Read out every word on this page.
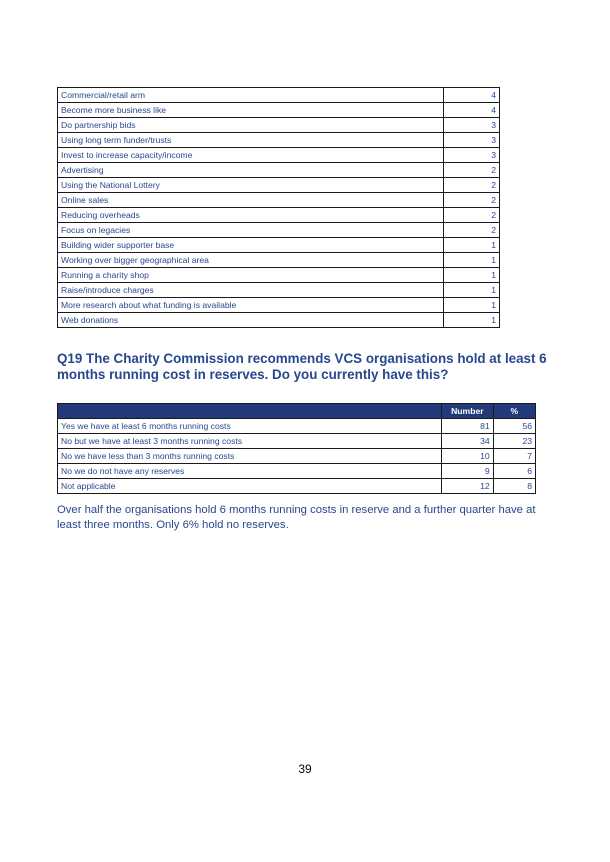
Commercial/retail arm	4
Become more business like	4
Do partnership bids	3
Using long term funder/trusts	3
Invest to increase capacity/income	3
Advertising	2
Using the National Lottery	2
Online sales	2
Reducing overheads	2
Focus on legacies	2
Building wider supporter base	1
Working over bigger geographical area	1
Running a charity shop	1
Raise/introduce charges	1
More research about what funding is available	1
Web donations	1
Q19 The Charity Commission recommends VCS organisations hold at least 6 months running cost in reserves. Do you currently have this?
	Number	%
Yes we have at least 6 months running costs	81	56
No but we have at least 3 months running costs	34	23
No we have less than 3 months running costs	10	7
No we do not have any reserves	9	6
Not applicable	12	8

Over half the organisations hold 6 months running costs in reserve and a further quarter have at least three months. Only 6% hold no reserves.

39
